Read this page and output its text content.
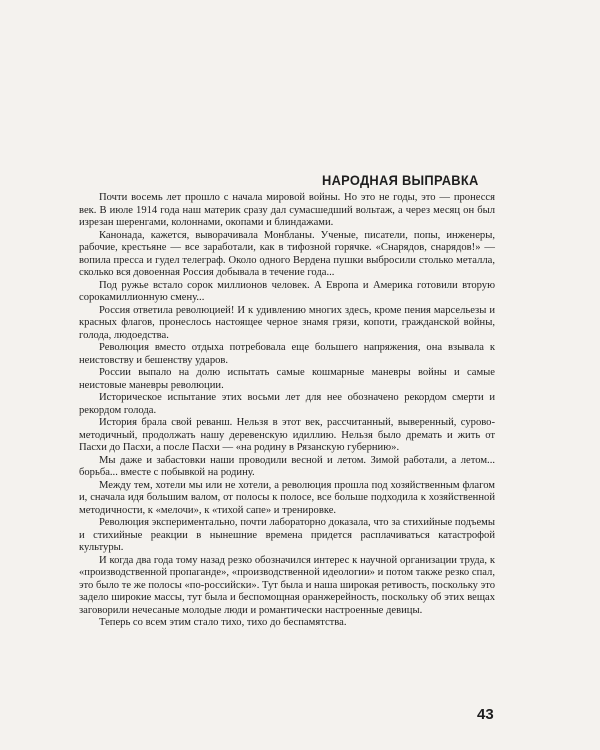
НАРОДНАЯ ВЫПРАВКА

Почти восемь лет прошло с начала мировой войны. Но это не годы, это — пронесся век. В июле 1914 года наш материк сразу дал сумасшедший вольтаж, а через месяц он был изрезан шеренгами, колоннами, окопами и блиндажами.

Канонада, кажется, выворачивала Монбланы. Ученые, писатели, попы, инженеры, рабочие, крестьяне — все заработали, как в тифозной горячке. «Снарядов, снарядов!» — вопила пресса и гудел телеграф. Около одного Вердена пушки выбросили столько металла, сколько вся довоенная Россия добывала в течение года...

Под ружье встало сорок миллионов человек. А Европа и Америка готовили вторую сорокамиллионную смену...

Россия ответила революцией! И к удивлению многих здесь, кроме пения марсельезы и красных флагов, пронеслось настоящее черное знамя грязи, копоти, гражданской войны, голода, людоедства.

Революция вместо отдыха потребовала еще большего напряжения, она взывала к неистовству и бешенству ударов.

России выпало на долю испытать самые кошмарные маневры войны и самые неистовые маневры революции.

Историческое испытание этих восьми лет для нее обозначено рекордом смерти и рекордом голода.

История брала свой реванш. Нельзя в этот век, рассчитанный, выверенный, сурово-методичный, продолжать нашу деревенскую идиллию. Нельзя было дремать и жить от Пасхи до Пасхи, а после Пасхи — «на родину в Рязанскую губернию».

Мы даже и забастовки наши проводили весной и летом. Зимой работали, а летом... борьба... вместе с побывкой на родину.

Между тем, хотели мы или не хотели, а революция прошла под хозяйственным флагом и, сначала идя большим валом, от полосы к полосе, все больше подходила к хозяйственной методичности, к «мелочи», к «тихой сапе» и тренировке.

Революция экспериментально, почти лабораторно доказала, что за стихийные подъемы и стихийные реакции в нынешние времена придется расплачиваться катастрофой культуры.

И когда два года тому назад резко обозначился интерес к научной организации труда, к «производственной пропаганде», «производственной идеологии» и потом также резко спал, это было те же полосы «по-российски». Тут была и наша широкая ретивость, поскольку это задело широкие массы, тут была и беспомощная оранжерейность, поскольку об этих вещах заговорили нечесаные молодые люди и романтически настроенные девицы.

Теперь со всем этим стало тихо, тихо до беспамятства.

43
